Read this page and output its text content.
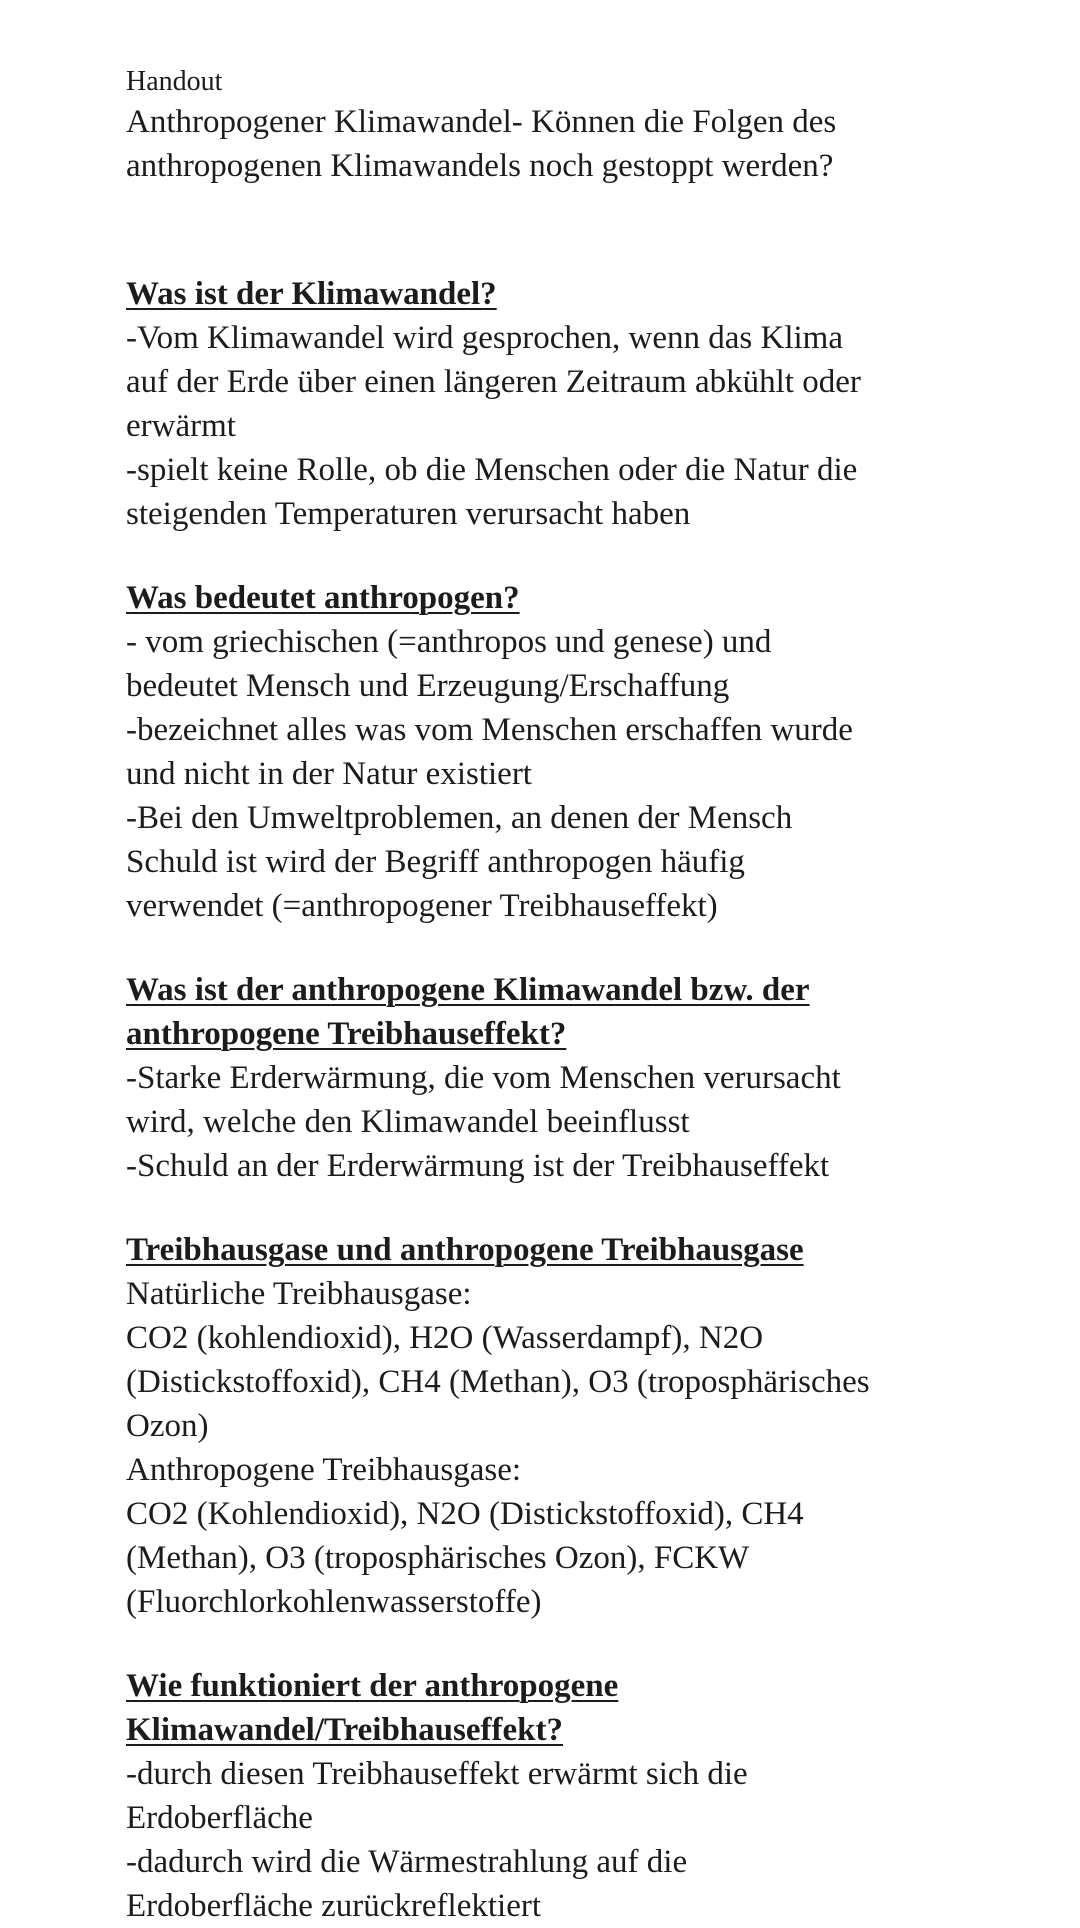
Handout

Anthropogener Klimawandel- Können die Folgen des

anthropogenen Klimawandels noch gestoppt werden?

Was ist der Klimawandel?

-Vom Klimawandel wird gesprochen, wenn das Klima

auf der Erde über einen längeren Zeitraum abkühlt oder

erwärmt

-spielt keine Rolle, ob die Menschen oder die Natur die

steigenden Temperaturen verursacht haben

Was bedeutet anthropogen?

- vom griechischen (=anthropos und genese) und

bedeutet Mensch und Erzeugung/Erschaffung

-bezeichnet alles was vom Menschen erschaffen wurde

und nicht in der Natur existiert

-Bei den Umweltproblemen, an denen der Mensch

Schuld ist wird der Begriff anthropogen häufig

verwendet (=anthropogener Treibhauseffekt)

Was ist der anthropogene Klimawandel bzw. der

anthropogene Treibhauseffekt?

-Starke Erderwärmung, die vom Menschen verursacht

wird, welche den Klimawandel beeinflusst

-Schuld an der Erderwärmung ist der Treibhauseffekt

Treibhausgase und anthropogene Treibhausgase

Natürliche Treibhausgase:

CO2 (kohlendioxid), H2O (Wasserdampf), N2O

(Distickstoffoxid), CH4 (Methan), O3 (troposphärisches

Ozon)

Anthropogene Treibhausgase:

CO2 (Kohlendioxid), N2O (Distickstoffoxid), CH4

(Methan), O3 (troposphärisches Ozon), FCKW

(Fluorchlorkohlenwasserstoffe)

Wie funktioniert der anthropogene

Klimawandel/Treibhauseffekt?

-durch diesen Treibhauseffekt erwärmt sich die

Erdoberfläche

-dadurch wird die Wärmestrahlung auf die

Erdoberfläche zurückreflektiert
